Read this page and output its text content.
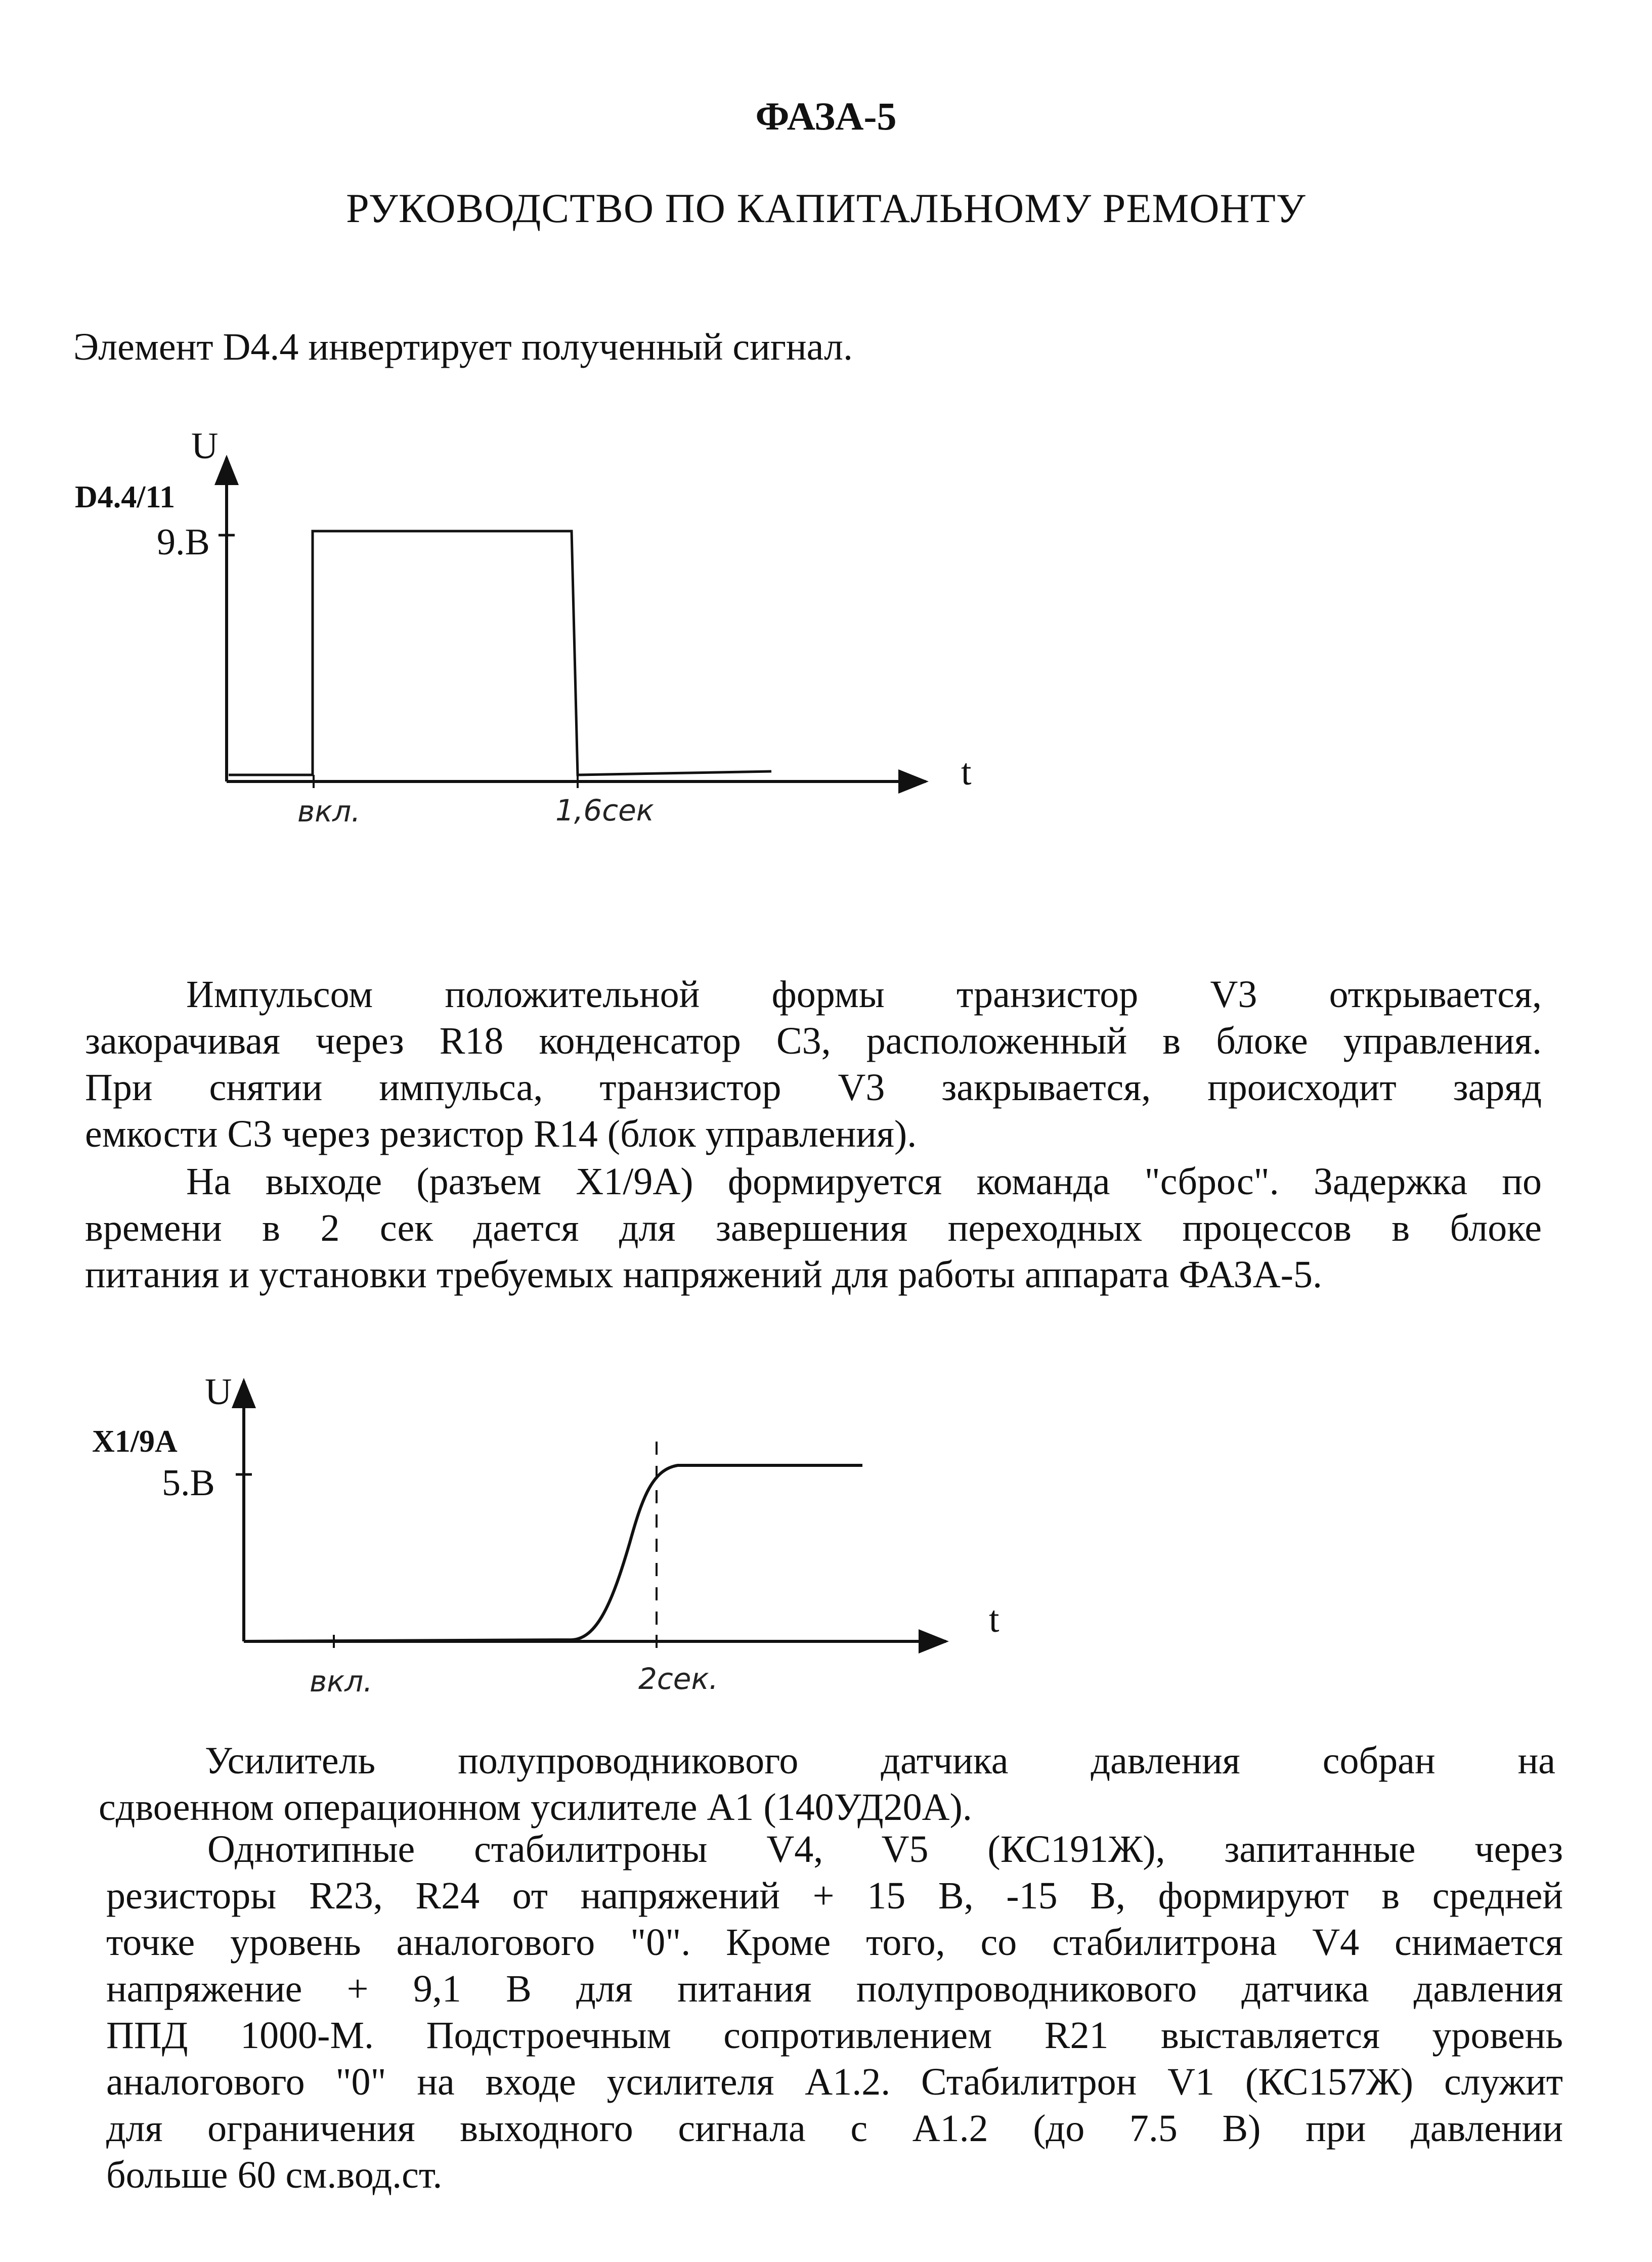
ФАЗА-5
РУКОВОДСТВО ПО КАПИТАЛЬНОМУ РЕМОНТУ
Элемент D4.4 инвертирует полученный сигнал.
U
D4.4/11
9.В
t
вкл.	1,6сек
Импульсом положительной формы транзистор V3 открывается,
закорачивая через R18 конденсатор С3, расположенный в блоке управления.
При снятии импульса, транзистор V3 закрывается, происходит заряд
емкости С3 через резистор R14 (блок управления).
На выходе (разъем X1/9A) формируется команда "сброс". Задержка по
времени в 2 сек дается для завершения переходных процессов в блоке
питания и установки требуемых напряжений для работы аппарата ФАЗА-5.
U
X1/9A
5.В
t
вкл.	2сек.
Усилитель полупроводникового датчика давления собран на
сдвоенном операционном усилителе А1 (140УД20А).
Однотипные стабилитроны V4, V5 (КС191Ж), запитанные через
резисторы R23, R24 от напряжений + 15 В, -15 В, формируют в средней
точке уровень аналогового "0". Кроме того, со стабилитрона V4 снимается
напряжение + 9,1 В для питания полупроводникового датчика давления
ППД 1000-М. Подстроечным сопротивлением R21 выставляется уровень
аналогового "0" на входе усилителя А1.2. Стабилитрон V1 (КС157Ж) служит
для ограничения выходного сигнала с А1.2 (до 7.5 В) при давлении
больше 60 см.вод.ст.
